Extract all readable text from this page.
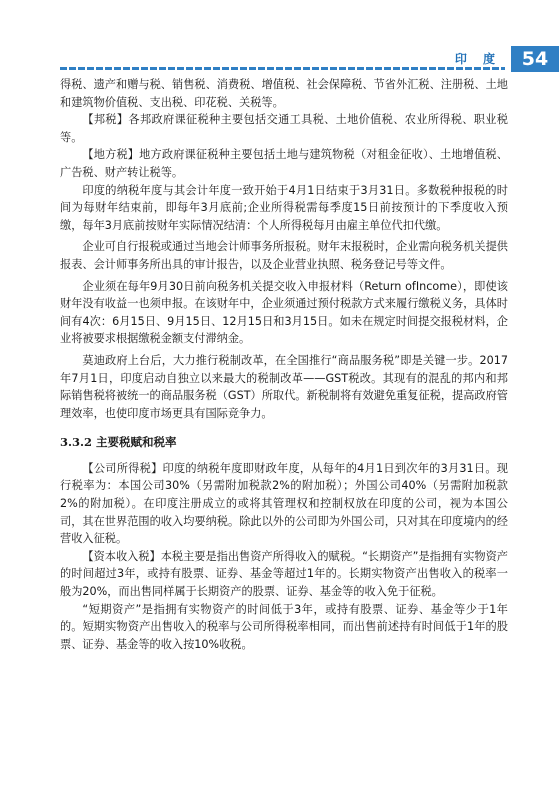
印 度	54

得税、遗产和赠与税、销售税、消费税、增值税、社会保障税、节省外汇税、注册税、土地和建筑物价值税、支出税、印花税、关税等。

【邦税】各邦政府课征税种主要包括交通工具税、土地价值税、农业所得税、职业税等。

【地方税】地方政府课征税种主要包括土地与建筑物税（对租金征收）、土地增值税、广告税、财产转让税等。

印度的纳税年度与其会计年度一致开始于4月1日结束于3月31日。多数税种报税的时间为每财年结束前，即每年3月底前;企业所得税需每季度15日前按预计的下季度收入预缴，每年3月底前按财年实际情况结清：个人所得税每月由雇主单位代扣代缴。

企业可自行报税或通过当地会计师事务所报税。财年末报税时，企业需向税务机关提供报表、会计师事务所出具的审计报告，以及企业营业执照、税务登记号等文件。

企业须在每年9月30日前向税务机关提交收入申报材料（Return ofIncome），即使该财年没有收益一也须申报。在该财年中，企业须通过预付税款方式来履行缴税义务，具体时间有4次：6月15日、9月15日、12月15日和3月15日。如未在规定时间提交报税材料，企业将被要求根据缴税金额支付滞纳金。

莫迪政府上台后，大力推行税制改革，在全国推行“商品服务税”即是关键一步。2017年7月1日，印度启动自独立以来最大的税制改革——GST税改。其现有的混乱的邦内和邦际销售税将被统一的商品服务税（GST）所取代。新税制将有效避免重复征税，提高政府管理效率，也使印度市场更具有国际竞争力。

3.3.2 主要税赋和税率

【公司所得税】印度的纳税年度即财政年度，从每年的4月1日到次年的3月31日。现行税率为：本国公司30%（另需附加税款2%的附加税）；外国公司40%（另需附加税款2%的附加税）。在印度注册成立的或将其管理权和控制权放在印度的公司，视为本国公司，其在世界范围的收入均要纳税。除此以外的公司即为外国公司，只对其在印度境内的经营收入征税。

【资本收入税】本税主要是指出售资产所得收入的赋税。“长期资产”是指拥有实物资产的时间超过3年，或持有股票、证券、基金等超过1年的。长期实物资产出售收入的税率一般为20%，而出售同样属于长期资产的股票、证券、基金等的收入免于征税。

“短期资产”是指拥有实物资产的时间低于3年，或持有股票、证券、基金等少于1年的。短期实物资产出售收入的税率与公司所得税率相同，而出售前述持有时间低于1年的股票、证券、基金等的收入按10%收税。
